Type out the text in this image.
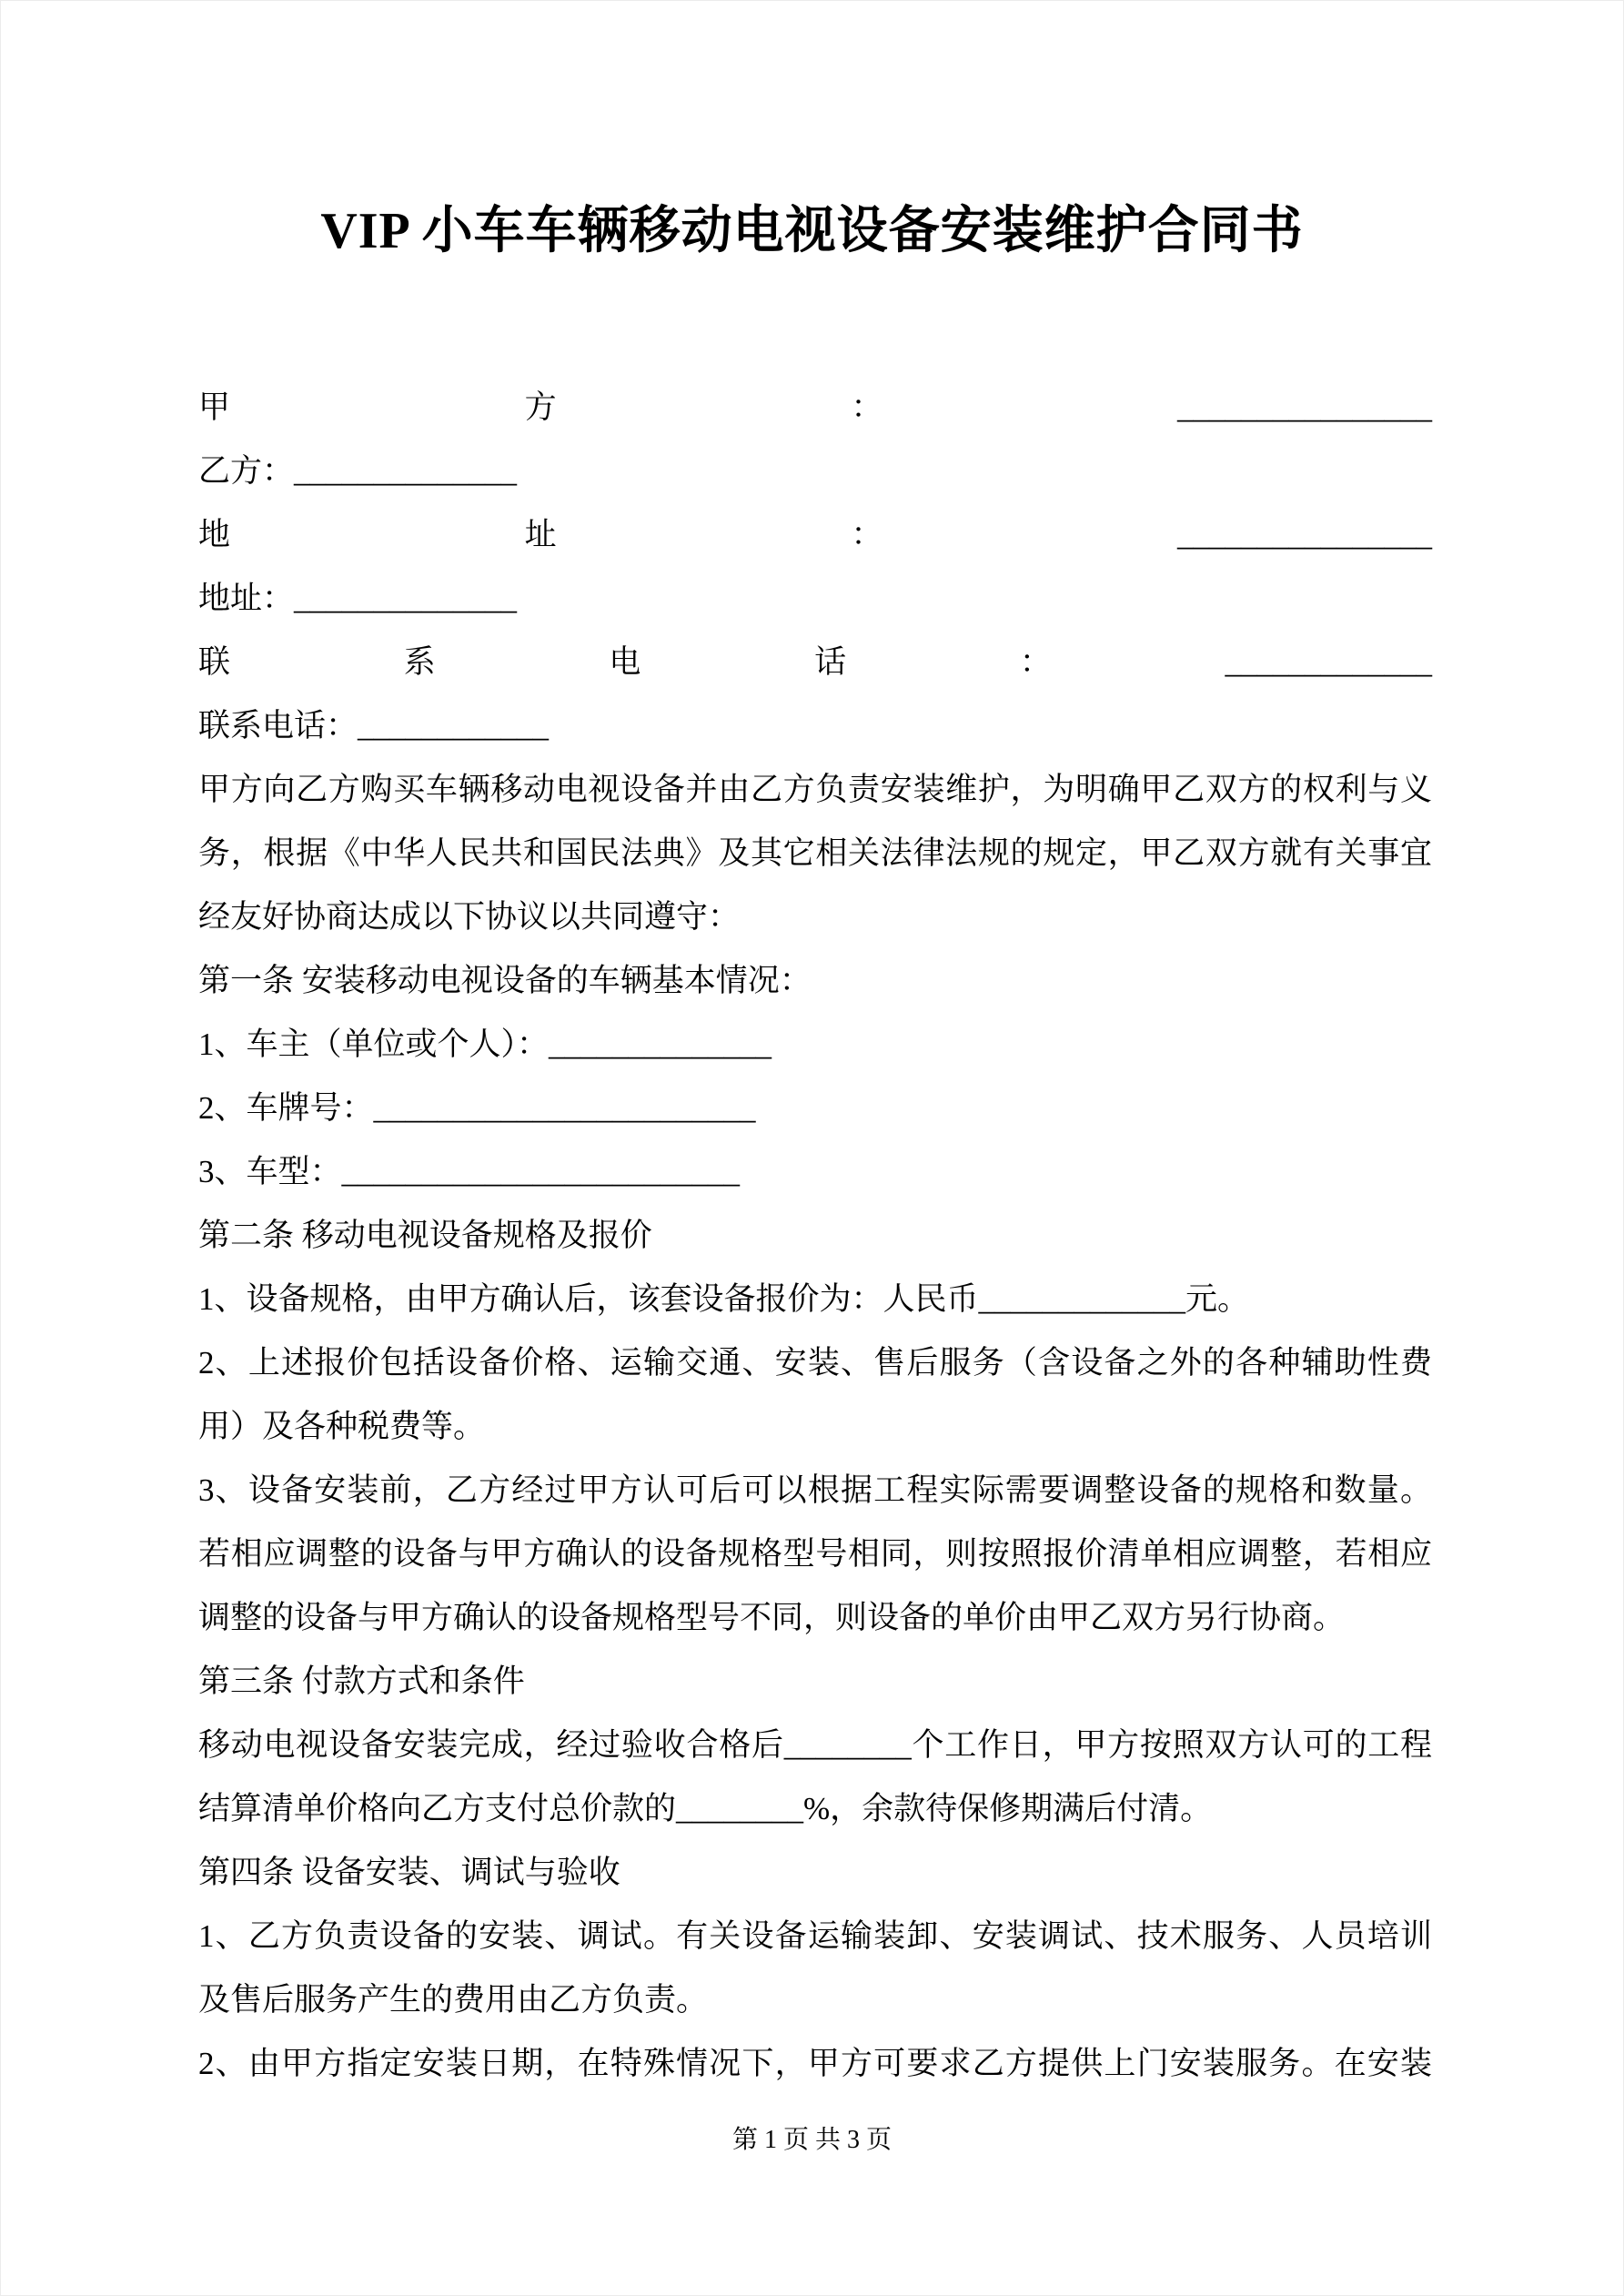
VIP 小车车辆移动电视设备安装维护合同书
甲	方	：	________________
乙方：______________
地	址	：	________________
地址：______________
联	系	电	话	：	_____________
联系电话：____________
甲方向乙方购买车辆移动电视设备并由乙方负责安装维护，为明确甲乙双方的权利与义
务，根据《中华人民共和国民法典》及其它相关法律法规的规定，甲乙双方就有关事宜
经友好协商达成以下协议以共同遵守：
第一条 安装移动电视设备的车辆基本情况：
1、车主（单位或个人）：______________
2、车牌号：________________________
3、车型：_________________________
第二条 移动电视设备规格及报价
1、设备规格，由甲方确认后，该套设备报价为：人民币_____________元。
2、上述报价包括设备价格、运输交通、安装、售后服务（含设备之外的各种辅助性费
用）及各种税费等。
3、设备安装前，乙方经过甲方认可后可以根据工程实际需要调整设备的规格和数量。
若相应调整的设备与甲方确认的设备规格型号相同，则按照报价清单相应调整，若相应
调整的设备与甲方确认的设备规格型号不同，则设备的单价由甲乙双方另行协商。
第三条 付款方式和条件
移动电视设备安装完成，经过验收合格后________个工作日，甲方按照双方认可的工程
结算清单价格向乙方支付总价款的________%，余款待保修期满后付清。
第四条 设备安装、调试与验收
1、乙方负责设备的安装、调试。有关设备运输装卸、安装调试、技术服务、人员培训
及售后服务产生的费用由乙方负责。
2、由甲方指定安装日期，在特殊情况下，甲方可要求乙方提供上门安装服务。在安装
第 1 页 共 3 页
